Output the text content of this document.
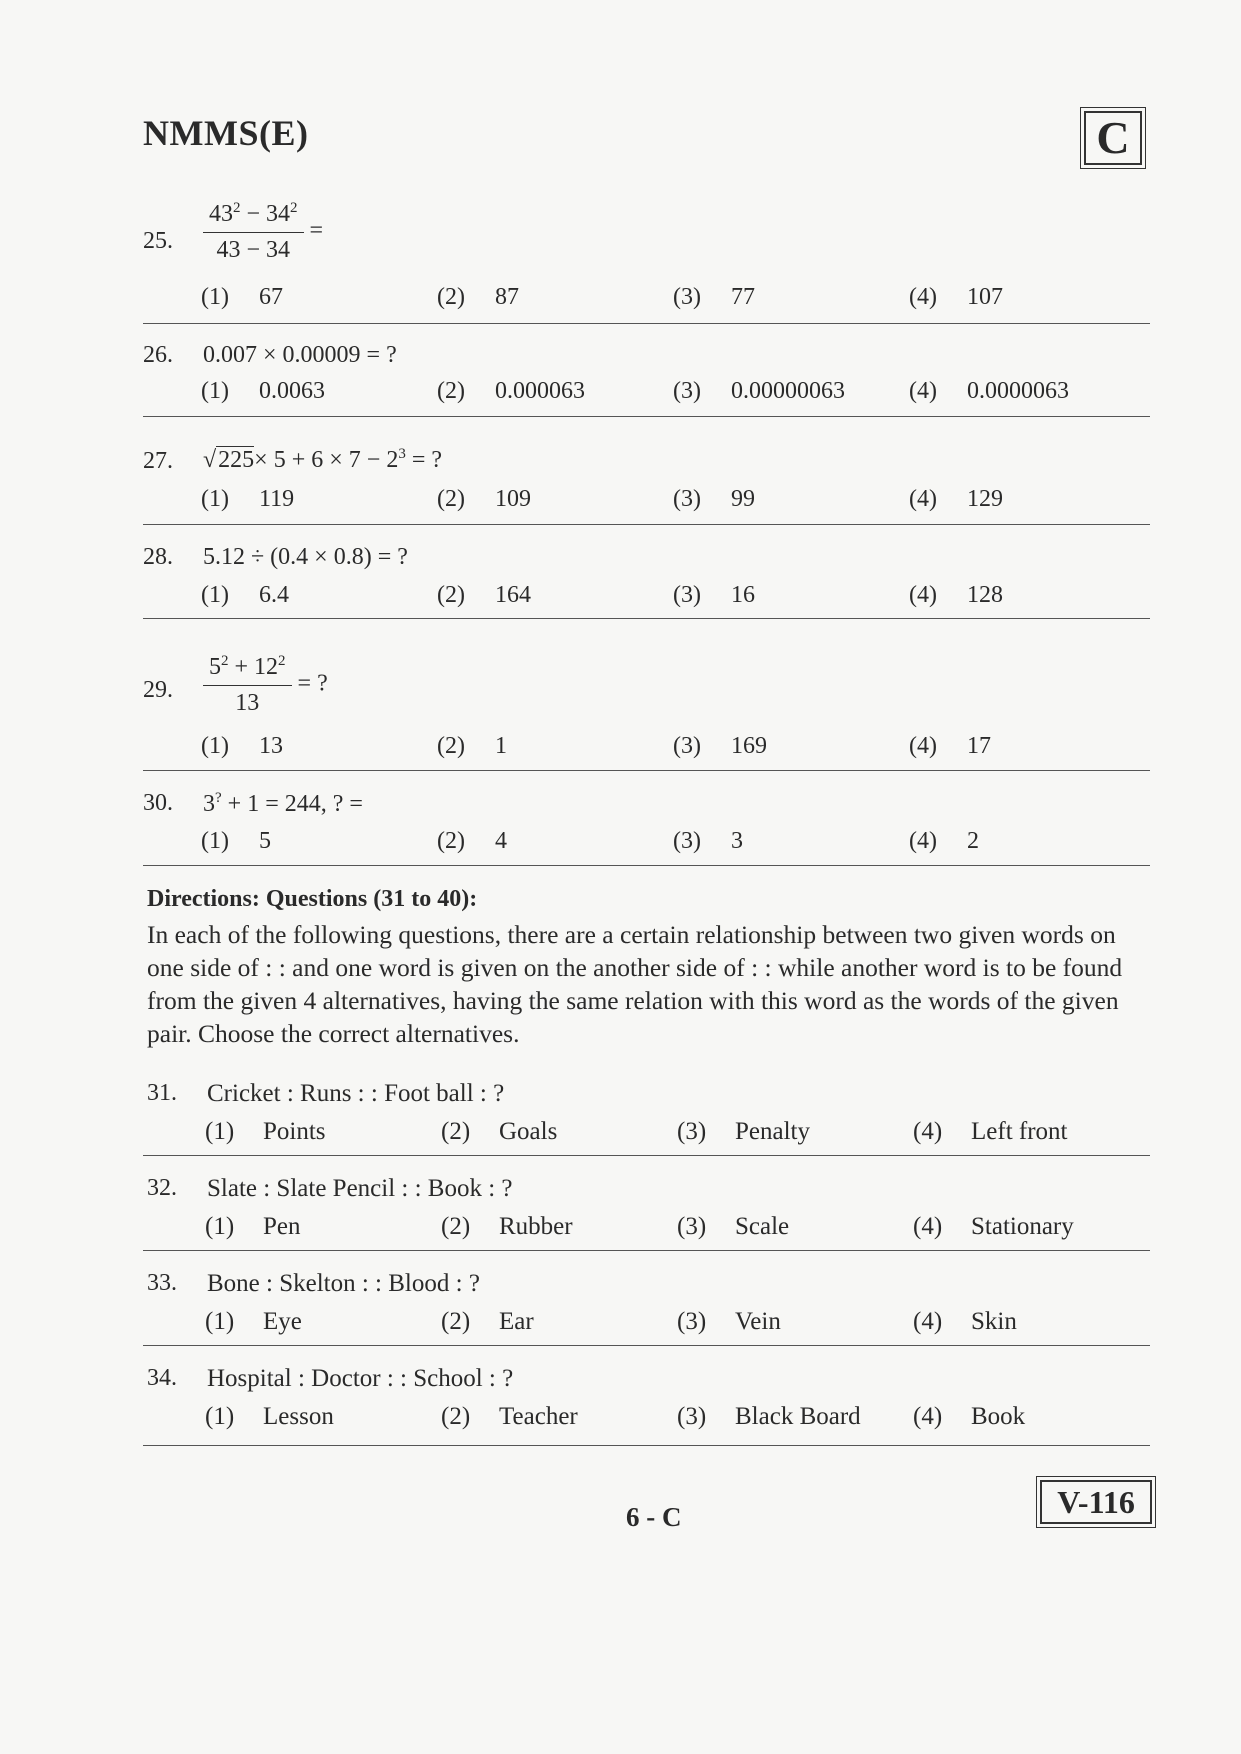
NMMS(E)	C
25.	$\frac{43^2 - 34^2}{43 - 34}$ =
(1) 67	(2) 87	(3) 77	(4) 107
26.	0.007 × 0.00009 = ?
(1) 0.0063	(2) 0.000063	(3) 0.00000063	(4) 0.0000063
27.	$√225\times 5 + 6 \times 7 - 2^3$ = ?
(1) 119	(2) 109	(3) 99	(4) 129
28.	5.12 ÷ (0.4 × 0.8) = ?
(1) 6.4	(2) 164	(3) 16	(4) 128
29.	$\frac{5^2 + 12^2}{13}$ = ?
(1) 13	(2) 1	(3) 169	(4) 17
30.	3? + 1 = 244, ? =
(1) 5	(2) 4	(3) 3	(4) 2
Directions: Questions (31 to 40):
In each of the following questions, there are a certain relationship between two given words on one side of : : and one word is given on the another side of : : while another word is to be found from the given 4 alternatives, having the same relation with this word as the words of the given pair. Choose the correct alternatives.
31.	Cricket : Runs : : Foot ball : ?
(1) Points	(2) Goals	(3) Penalty	(4) Left front
32.	Slate : Slate Pencil : : Book : ?
(1) Pen	(2) Rubber	(3) Scale	(4) Stationary
33.	Bone : Skelton : : Blood : ?
(1) Eye	(2) Ear	(3) Vein	(4) Skin
34.	Hospital : Doctor : : School : ?
(1) Lesson	(2) Teacher	(3) Black Board (4) Book
6 - C	V-116
